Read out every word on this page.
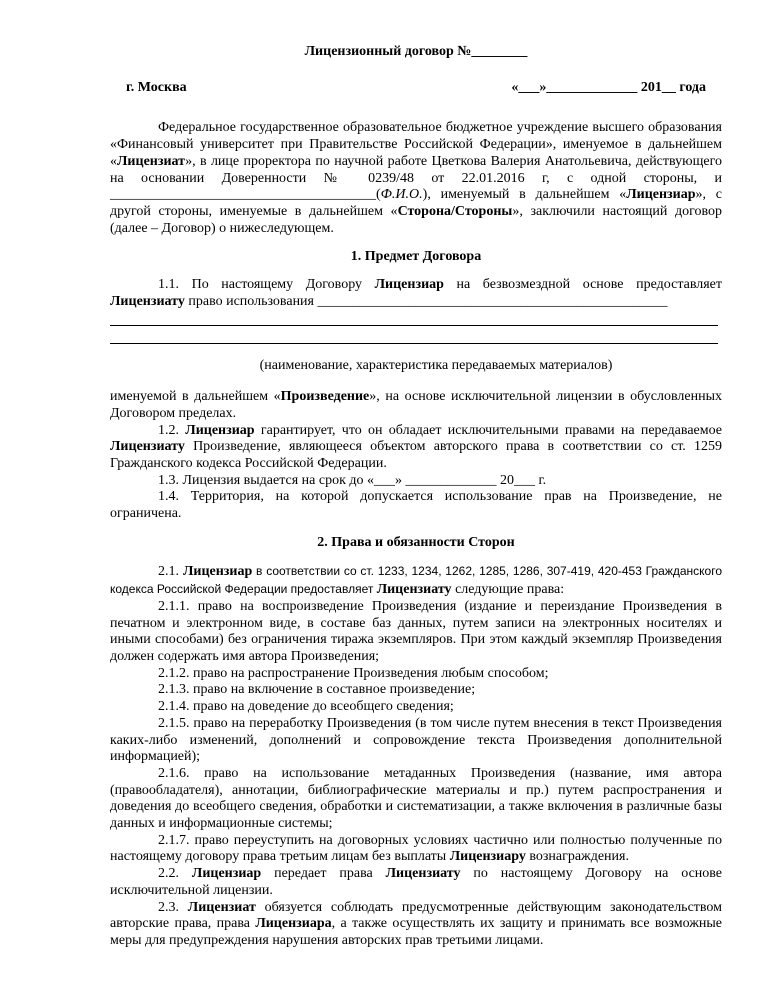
Лицензионный договор №________

г. Москва	«___»_____________ 201__ года

Федеральное государственное образовательное бюджетное учреждение высшего образования «Финансовый университет при Правительстве Российской Федерации», именуемое в дальнейшем «Лицензиат», в лице проректора по научной работе Цветкова Валерия Анатольевича, действующего на основании Доверенности № 0239/48 от 22.01.2016 г, с одной стороны, и ______________________________________(Ф.И.О.), именуемый в дальнейшем «Лицензиар», с другой стороны, именуемые в дальнейшем «Сторона/Стороны», заключили настоящий договор (далее – Договор) о нижеследующем.

1. Предмет Договора

1.1. По настоящему Договору Лицензиар на безвозмездной основе предоставляет Лицензиату право использования __________________________________________________

(наименование, характеристика передаваемых материалов)

именуемой в дальнейшем «Произведение», на основе исключительной лицензии в обусловленных Договором пределах.

1.2. Лицензиар гарантирует, что он обладает исключительными правами на передаваемое Лицензиату Произведение, являющееся объектом авторского права в соответствии со ст. 1259 Гражданского кодекса Российской Федерации.

1.3. Лицензия выдается на срок до «___» _____________ 20___ г.

1.4. Территория, на которой допускается использование прав на Произведение, не ограничена.

2. Права и обязанности Сторон

2.1. Лицензиар в соответствии со ст. 1233, 1234, 1262, 1285, 1286, 307-419, 420-453 Гражданского кодекса Российской Федерации предоставляет Лицензиату следующие права:

2.1.1. право на воспроизведение Произведения (издание и переиздание Произведения в печатном и электронном виде, в составе баз данных, путем записи на электронных носителях и иными способами) без ограничения тиража экземпляров. При этом каждый экземпляр Произведения должен содержать имя автора Произведения;

2.1.2. право на распространение Произведения любым способом;

2.1.3. право на включение в составное произведение;

2.1.4. право на доведение до всеобщего сведения;

2.1.5. право на переработку Произведения (в том числе путем внесения в текст Произведения каких-либо изменений, дополнений и сопровождение текста Произведения дополнительной информацией);

2.1.6. право на использование метаданных Произведения (название, имя автора (правообладателя), аннотации, библиографические материалы и пр.) путем распространения и доведения до всеобщего сведения, обработки и систематизации, а также включения в различные базы данных и информационные системы;

2.1.7. право переуступить на договорных условиях частично или полностью полученные по настоящему договору права третьим лицам без выплаты Лицензиару вознаграждения.

2.2. Лицензиар передает права Лицензиату по настоящему Договору на основе исключительной лицензии.

2.3. Лицензиат обязуется соблюдать предусмотренные действующим законодательством авторские права, права Лицензиара, а также осуществлять их защиту и принимать все возможные меры для предупреждения нарушения авторских прав третьими лицами.
